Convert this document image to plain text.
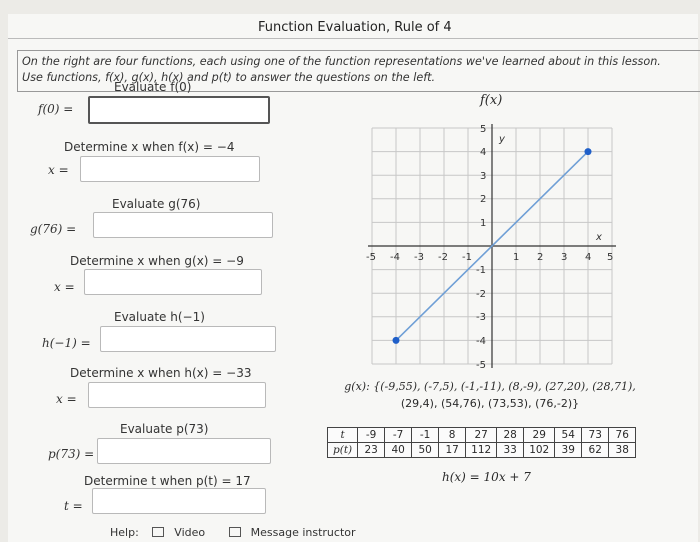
Function Evaluation, Rule of 4
On the right are four functions, each using one of the function representations we've learned about in this lesson.
Use functions, f(x), g(x), h(x) and p(t) to answer the questions on the left.
Evaluate f(0)
f(0) =
Determine x when f(x) = −4
x =
Evaluate g(76)
g(76) =
Determine x when g(x) = −9
x =
Evaluate h(−1)
h(−1) =
Determine x when h(x) = −33
x =
Evaluate p(73)
p(73) =
Determine t when p(t) = 17
t =
f(x)
-5 -4 -3 -2 -1	1 2 3 4 5
5
4
3
2
1
-1
-2
-3
-4
-5
y
x
g(x): {(-9,55), (-7,5), (-1,-11), (8,-9), (27,20), (28,71),
(29,4), (54,76), (73,53), (76,-2)}
t	-9	-7	-1	8	27	28	29	54	73	76
p(t)	23	40	50	17	112	33	102	39	62	38
h(x) = 10x + 7
Help:	Video	Message instructor
